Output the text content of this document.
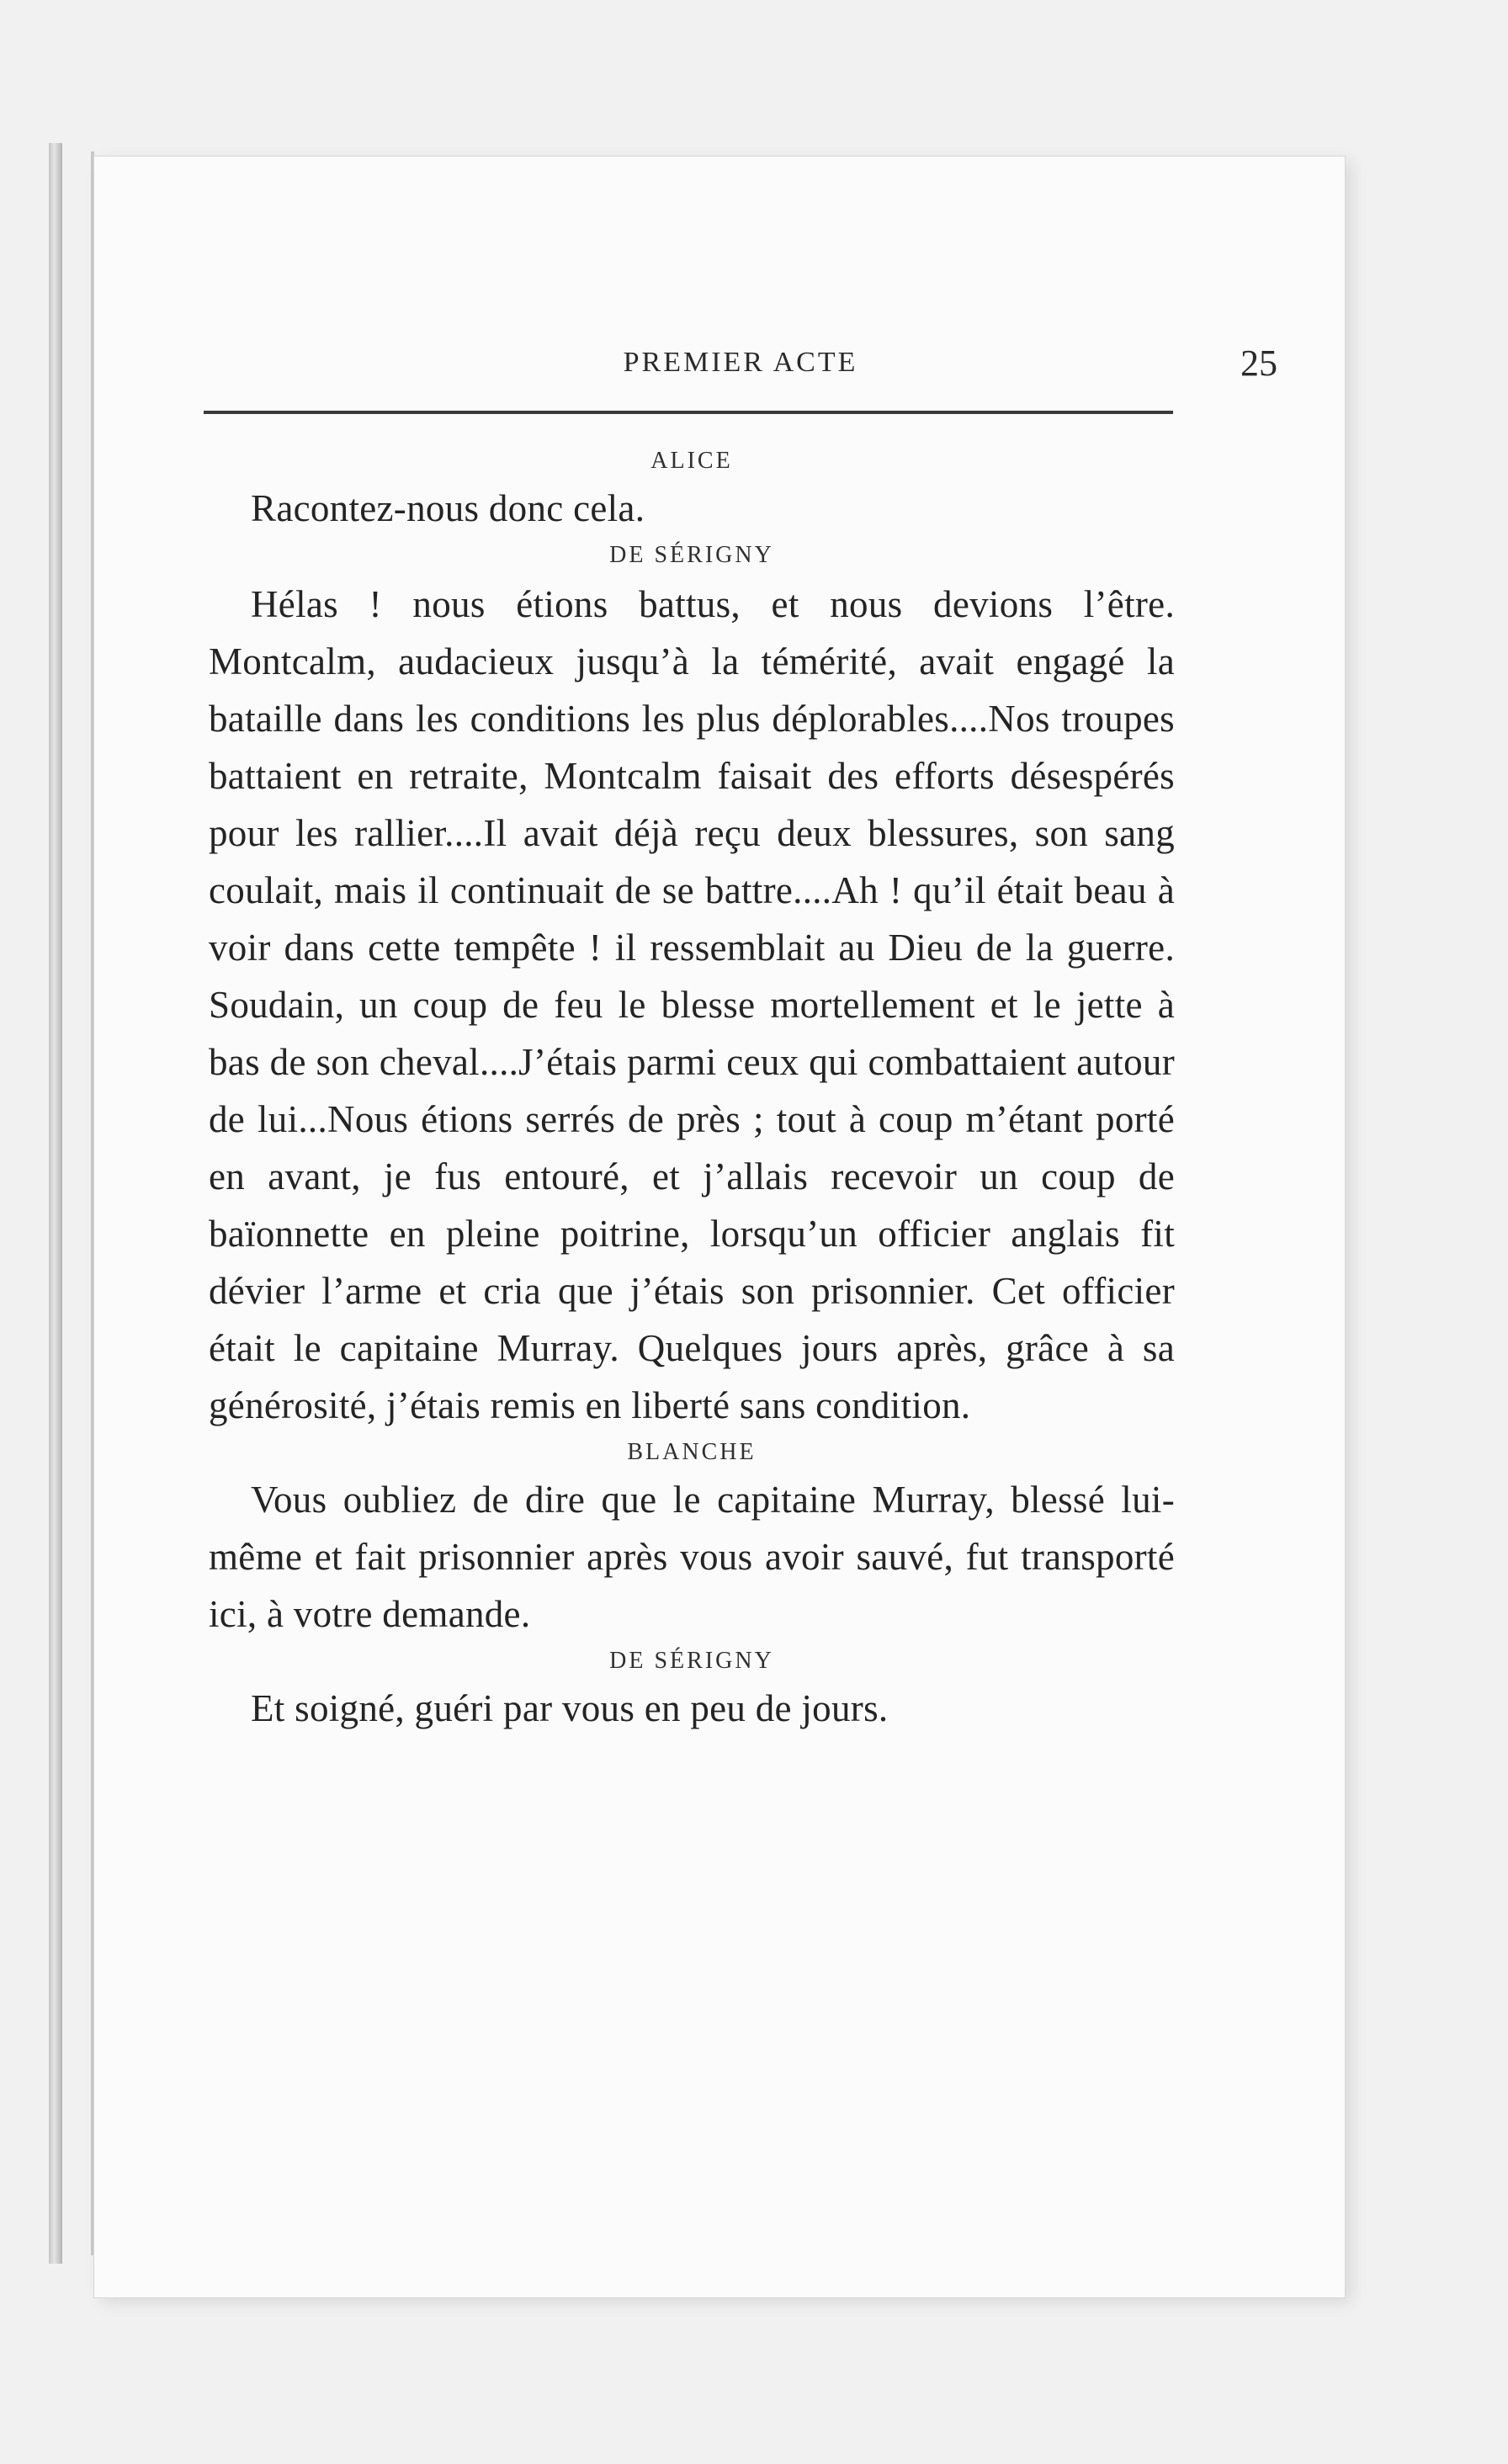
PREMIER ACTE	25

ALICE

Racontez-nous donc cela.

DE SÉRIGNY

Hélas ! nous étions battus, et nous devions l’être. Montcalm, audacieux jusqu’à la témérité, avait engagé la bataille dans les conditions les plus déplorables....Nos troupes battaient en retraite, Montcalm faisait des efforts désespérés pour les rallier....Il avait déjà reçu deux blessures, son sang coulait, mais il continuait de se battre....Ah ! qu’il était beau à voir dans cette tempête ! il ressemblait au Dieu de la guerre. Soudain, un coup de feu le blesse mortellement et le jette à bas de son cheval....J’étais parmi ceux qui combattaient autour de lui...Nous étions serrés de près ; tout à coup m’étant porté en avant, je fus entouré, et j’allais recevoir un coup de baïonnette en pleine poitrine, lorsqu’un officier anglais fit dévier l’arme et cria que j’étais son prisonnier. Cet officier était le capitaine Murray. Quelques jours après, grâce à sa générosité, j’étais remis en liberté sans condition.

BLANCHE

Vous oubliez de dire que le capitaine Murray, blessé lui-même et fait prisonnier après vous avoir sauvé, fut transporté ici, à votre demande.

DE SÉRIGNY

Et soigné, guéri par vous en peu de jours.
